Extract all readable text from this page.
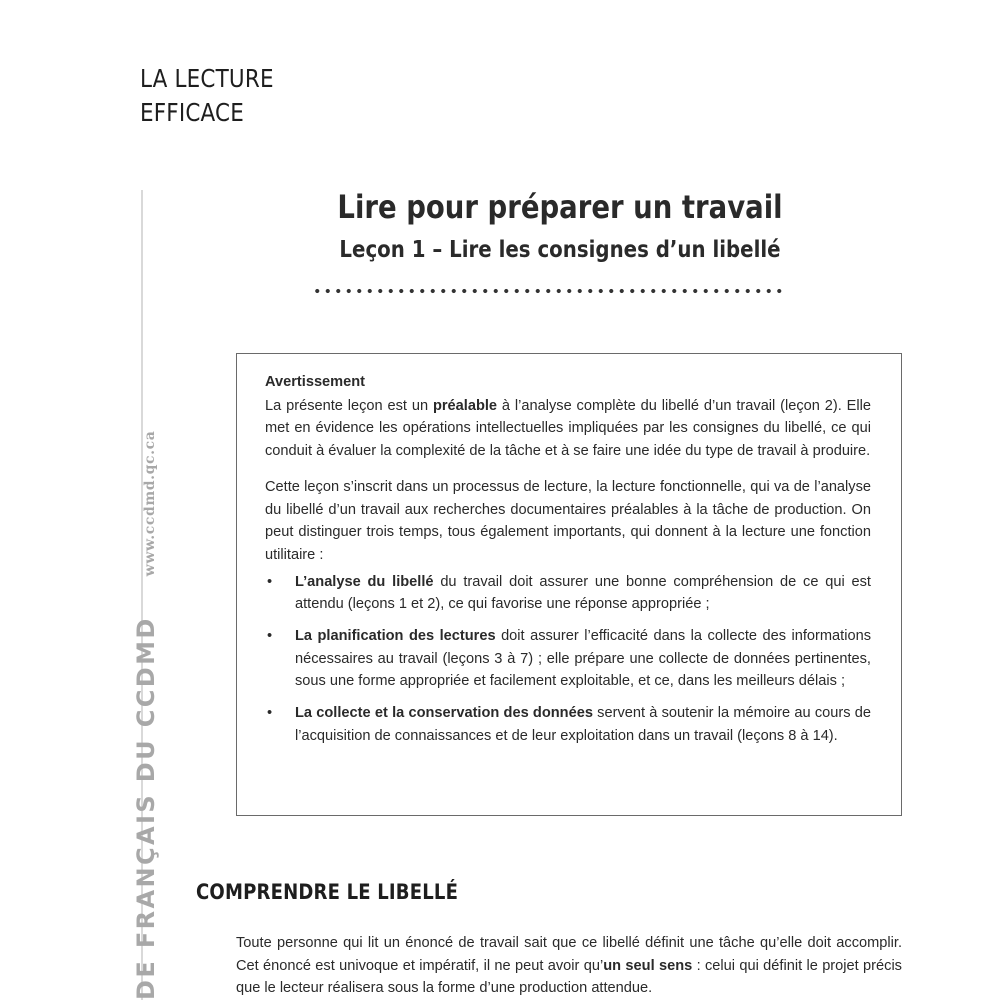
LA LECTURE
EFFICACE
DE FRANÇAIS DU CCDMD
www.ccdmd.qc.ca
Lire pour préparer un travail
Leçon 1 – Lire les consignes d’un libellé
Avertissement

La présente leçon est un préalable à l’analyse complète du libellé d’un travail (leçon 2). Elle met en évidence les opérations intellectuelles impliquées par les consignes du libellé, ce qui conduit à évaluer la complexité de la tâche et à se faire une idée du type de travail à produire.

Cette leçon s’inscrit dans un processus de lecture, la lecture fonctionnelle, qui va de l’analyse du libellé d’un travail aux recherches documentaires préalables à la tâche de production. On peut distinguer trois temps, tous également importants, qui donnent à la lecture une fonction utilitaire :

• L’analyse du libellé du travail doit assurer une bonne compréhension de ce qui est attendu (leçons 1 et 2), ce qui favorise une réponse appropriée ;
• La planification des lectures doit assurer l’efficacité dans la collecte des informations nécessaires au travail (leçons 3 à 7) ; elle prépare une collecte de données pertinentes, sous une forme appropriée et facilement exploitable, et ce, dans les meilleurs délais ;
• La collecte et la conservation des données servent à soutenir la mémoire au cours de l’acquisition de connaissances et de leur exploitation dans un travail (leçons 8 à 14).
COMPRENDRE LE LIBELLÉ

Toute personne qui lit un énoncé de travail sait que ce libellé définit une tâche qu’elle doit accomplir. Cet énoncé est univoque et impératif, il ne peut avoir qu’un seul sens : celui qui définit le projet précis que le lecteur réalisera sous la forme d’une production attendue.
